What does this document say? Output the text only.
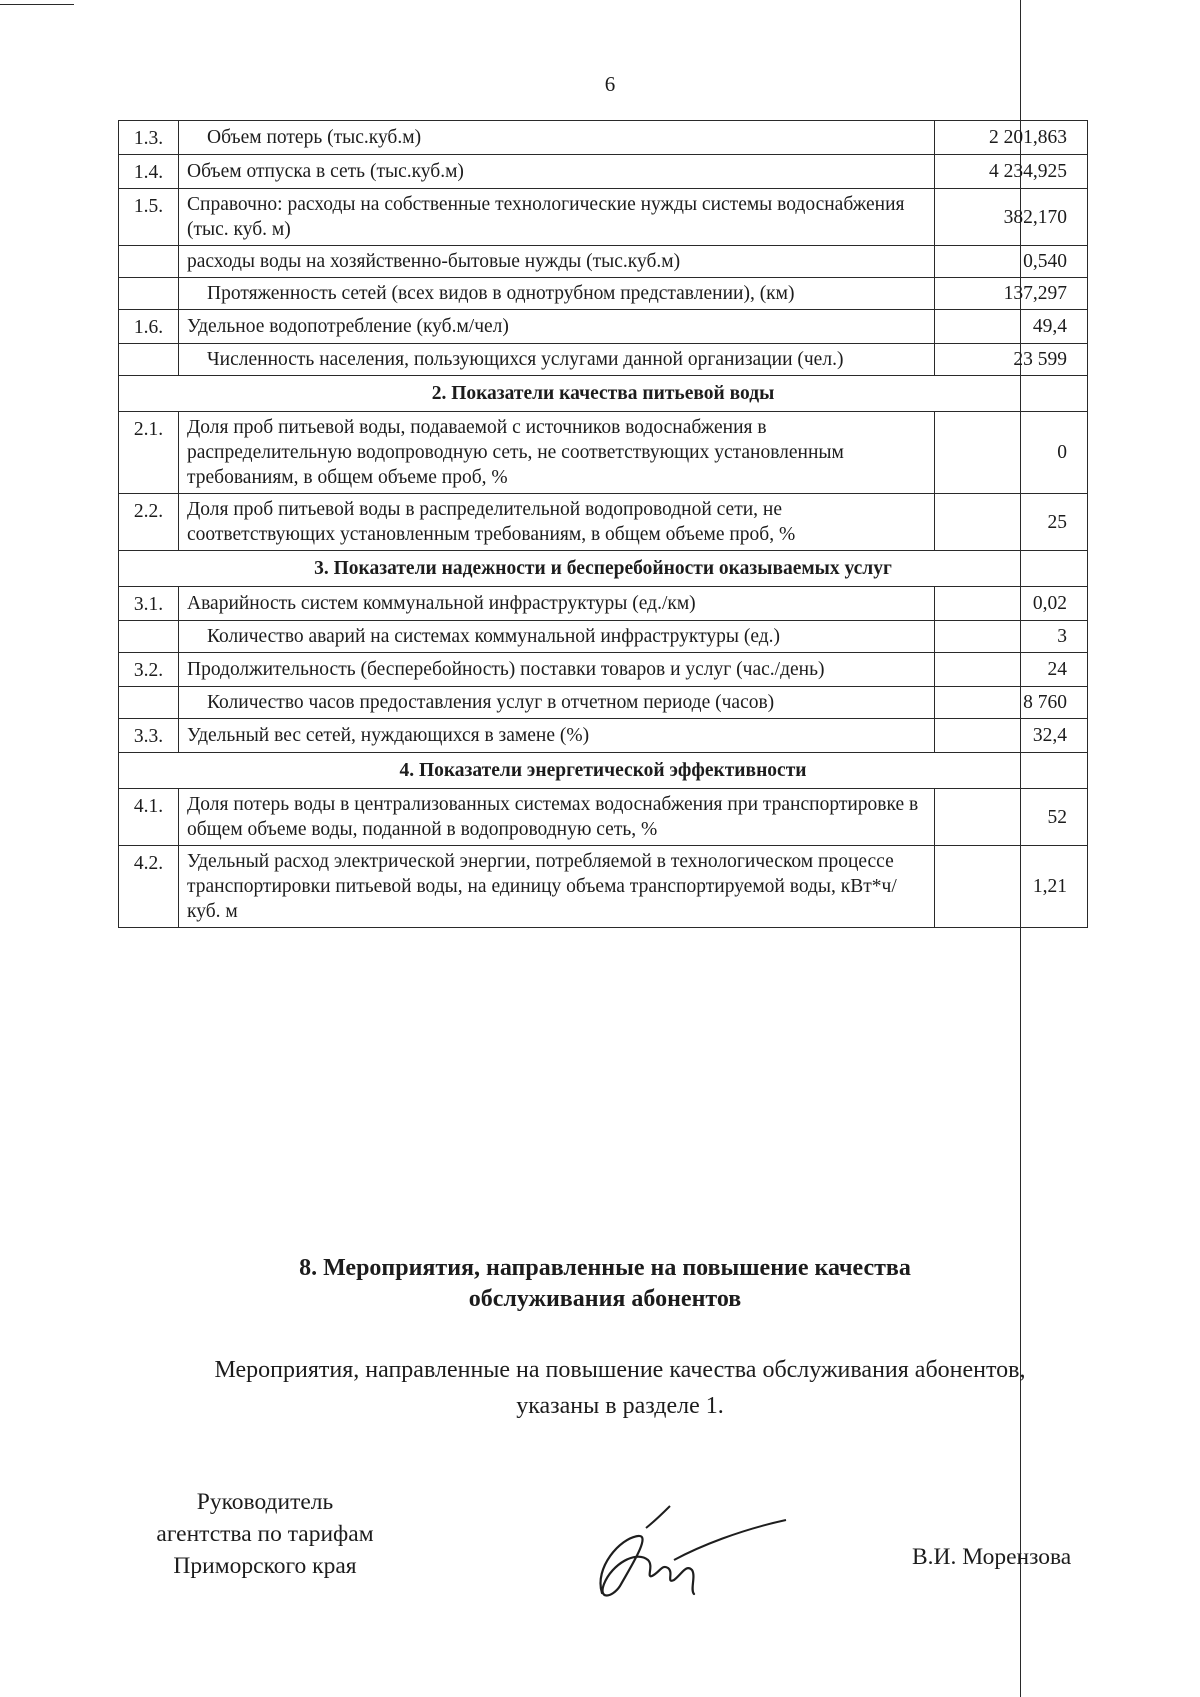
6
1.3.	Объем потерь (тыс.куб.м)	2 201,863
1.4.	Объем отпуска в сеть (тыс.куб.м)	4 234,925
1.5.	Справочно: расходы на собственные технологические нужды системы водоснабжения (тыс. куб. м)	382,170
	расходы воды на хозяйственно-бытовые нужды (тыс.куб.м)	0,540
	Протяженность сетей (всех видов в однотрубном представлении), (км)	137,297
1.6.	Удельное водопотребление (куб.м/чел)	49,4
	Численность населения, пользующихся услугами данной организации (чел.)	23 599
2. Показатели качества питьевой воды		
2.1.	Доля проб питьевой воды, подаваемой с источников водоснабжения в распределительную водопроводную сеть, не соответствующих установленным требованиям, в общем объеме проб, %	0
2.2.	Доля проб питьевой воды в распределительной водопроводной сети, не соответствующих установленным требованиям, в общем объеме проб, %	25
3. Показатели надежности и бесперебойности оказываемых услуг		
3.1.	Аварийность систем коммунальной инфраструктуры (ед./км)	0,02
	Количество аварий на системах коммунальной инфраструктуры (ед.)	3
3.2.	Продолжительность (бесперебойность) поставки товаров и услуг (час./день)	24
	Количество часов предоставления услуг в отчетном периоде (часов)	8 760
3.3.	Удельный вес сетей, нуждающихся в замене (%)	32,4
4. Показатели энергетической эффективности		
4.1.	Доля потерь воды в централизованных системах водоснабжения при транспортировке в общем объеме воды, поданной в водопроводную сеть, %	52
4.2.	Удельный расход электрической энергии, потребляемой в технологическом процессе транспортировки питьевой воды, на единицу объема транспортируемой воды, кВт*ч/куб. м	1,21
8. Мероприятия, направленные на повышение качества
обслуживания абонентов
Мероприятия, направленные на повышение качества обслуживания абонентов,
указаны в разделе 1.
Руководитель
агентства по тарифам
Приморского края	В.И. Морензова
